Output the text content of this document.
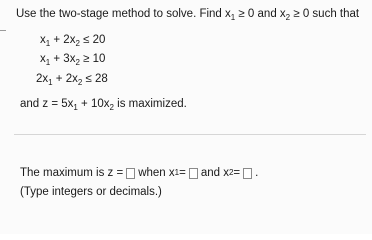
Use the two-stage method to solve. Find $x_1 \ge 0$ and $x_2 \ge 0$ such that
$x_1 + 2x_2 \le 20$
$x_1 + 3x_2 \ge 10$
$2x_1 + 2x_2 \le 28$
and $z = 5x_1 + 10x_2$ is maximized.
The maximum is z = when x 1 = and x 2 = .
(Type integers or decimals.)
